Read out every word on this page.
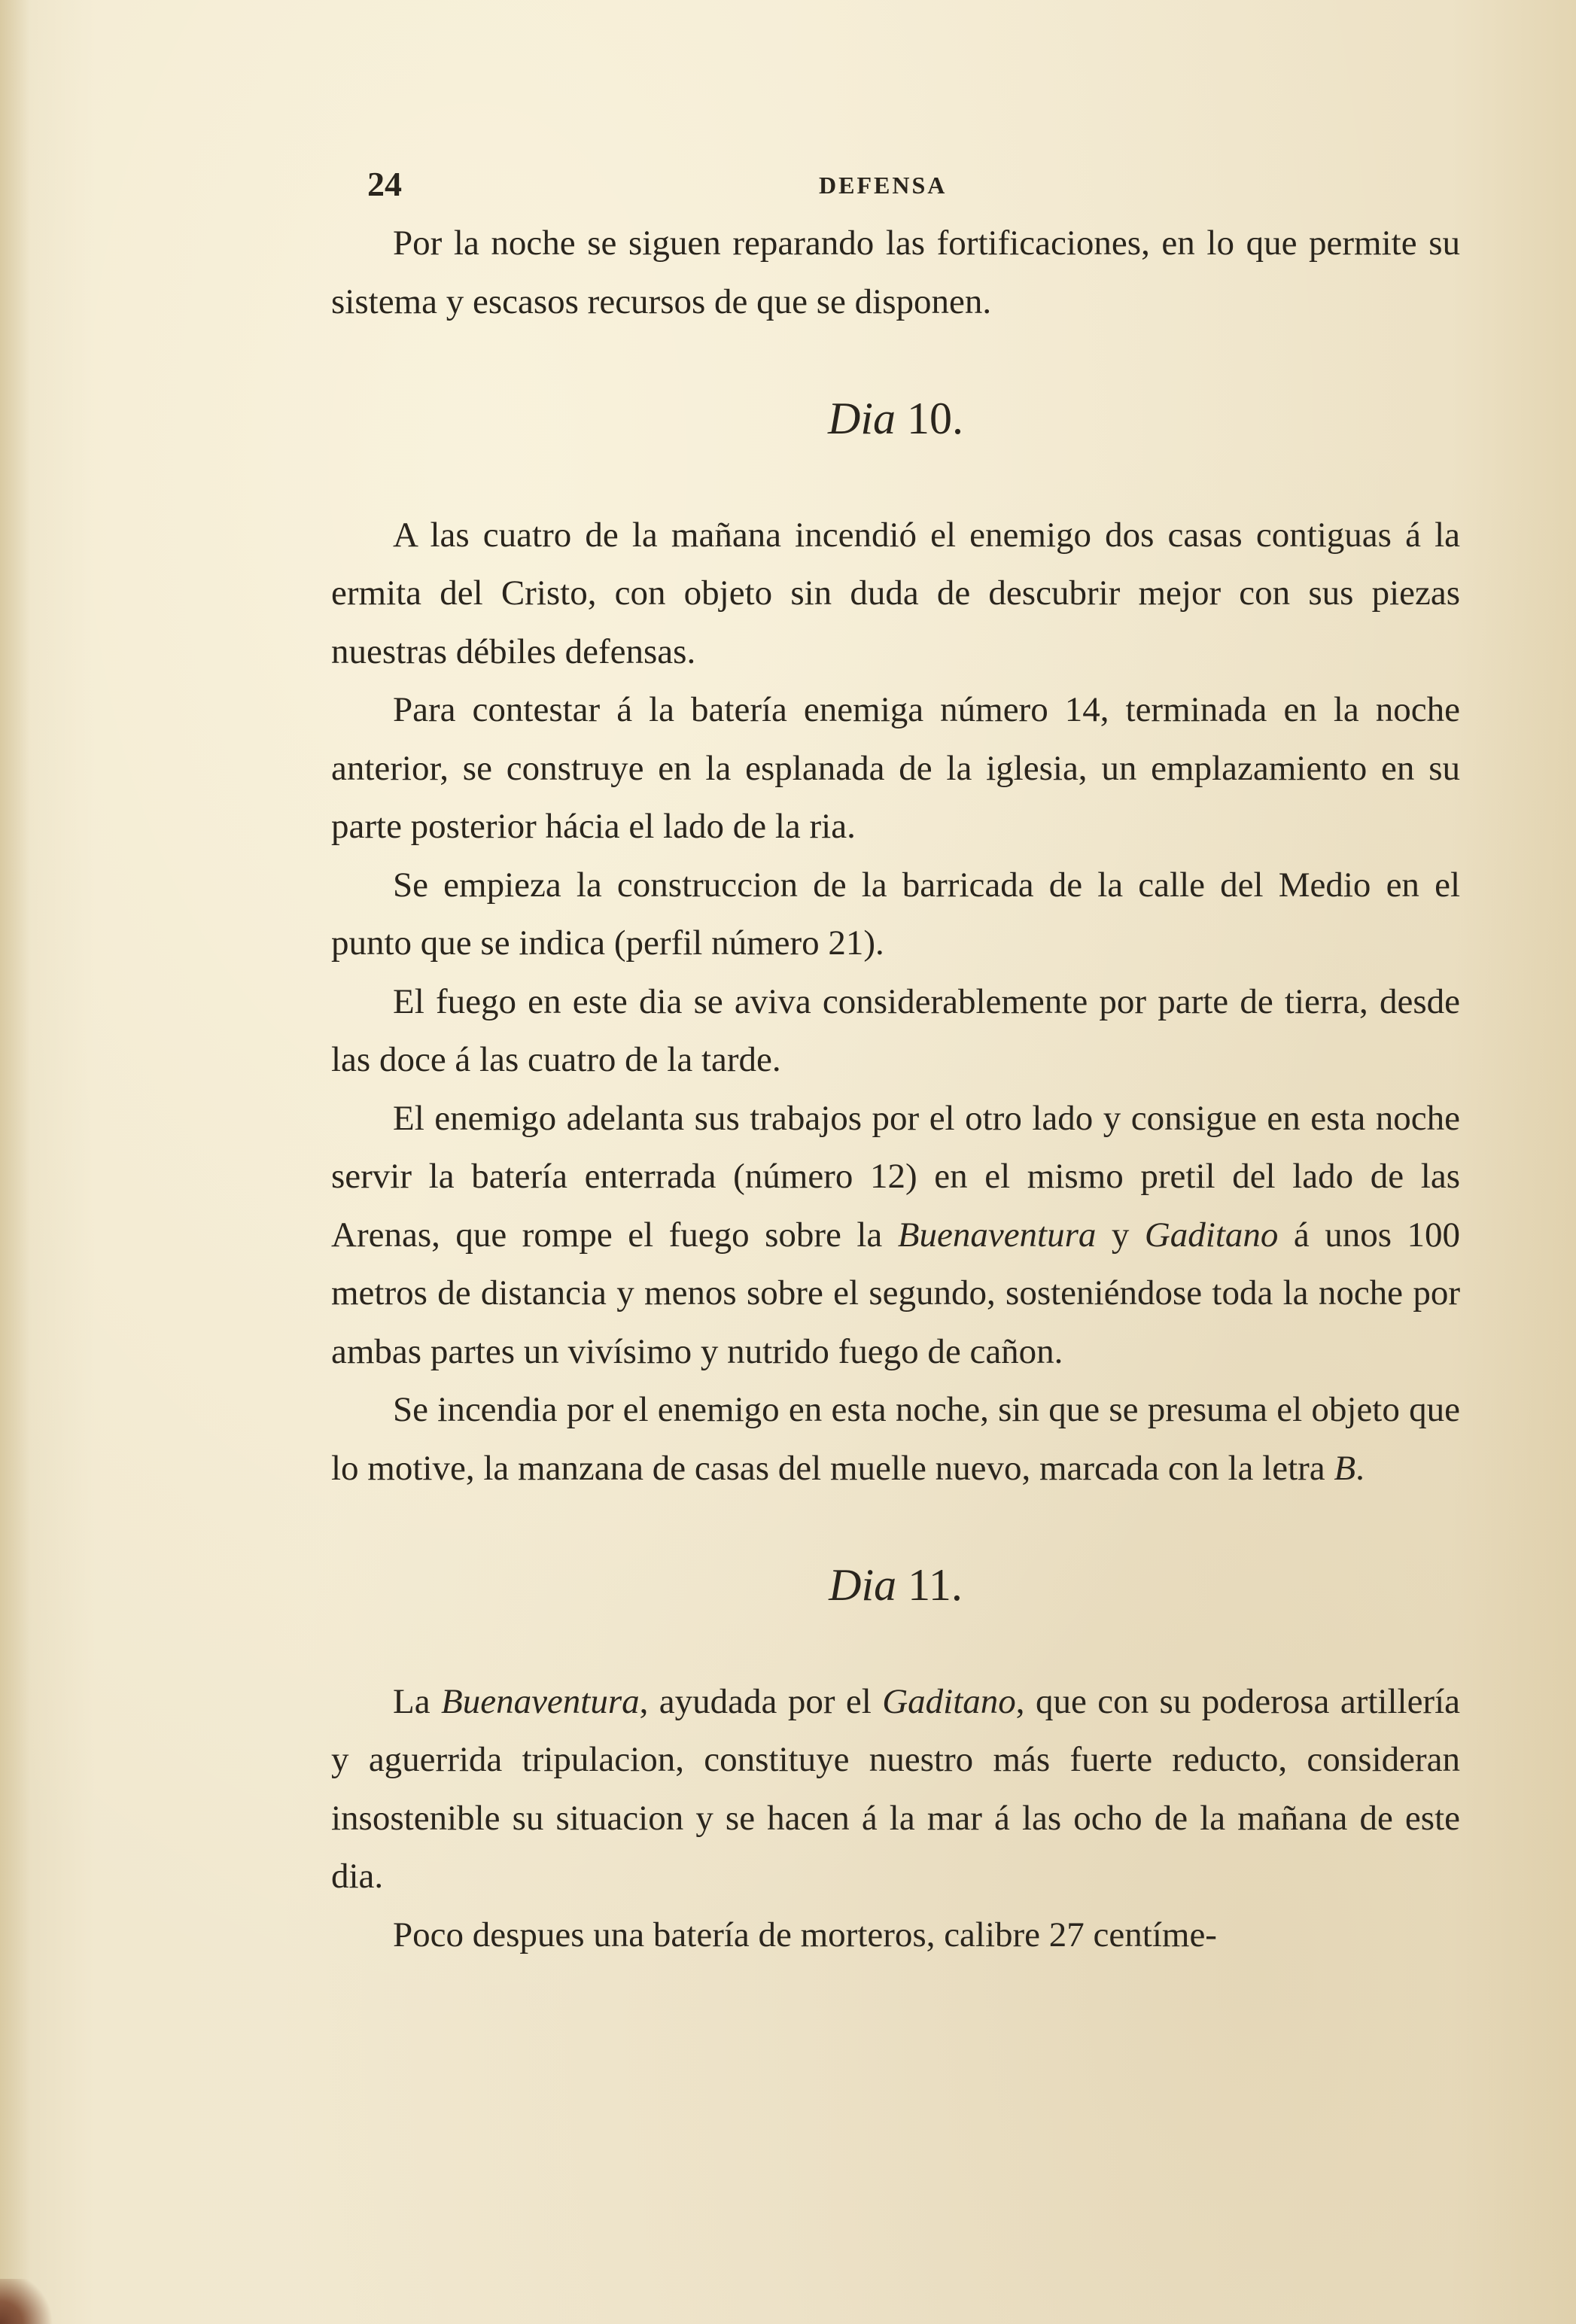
24	DEFENSA

Por la noche se siguen reparando las fortificaciones, en lo que permite su sistema y escasos recursos de que se disponen.

Dia 10.

A las cuatro de la mañana incendió el enemigo dos casas contiguas á la ermita del Cristo, con objeto sin duda de descubrir mejor con sus piezas nuestras débiles defensas.

Para contestar á la batería enemiga número 14, terminada en la noche anterior, se construye en la esplanada de la iglesia, un emplazamiento en su parte posterior hácia el lado de la ria.

Se empieza la construccion de la barricada de la calle del Medio en el punto que se indica (perfil número 21).

El fuego en este dia se aviva considerablemente por parte de tierra, desde las doce á las cuatro de la tarde.

El enemigo adelanta sus trabajos por el otro lado y consigue en esta noche servir la batería enterrada (número 12) en el mismo pretil del lado de las Arenas, que rompe el fuego sobre la Buenaventura y Gaditano á unos 100 metros de distancia y menos sobre el segundo, sosteniéndose toda la noche por ambas partes un vivísimo y nutrido fuego de cañon.

Se incendia por el enemigo en esta noche, sin que se presuma el objeto que lo motive, la manzana de casas del muelle nuevo, marcada con la letra B.

Dia 11.

La Buenaventura, ayudada por el Gaditano, que con su poderosa artillería y aguerrida tripulacion, constituye nuestro más fuerte reducto, consideran insostenible su situacion y se hacen á la mar á las ocho de la mañana de este dia.

Poco despues una batería de morteros, calibre 27 centíme-
